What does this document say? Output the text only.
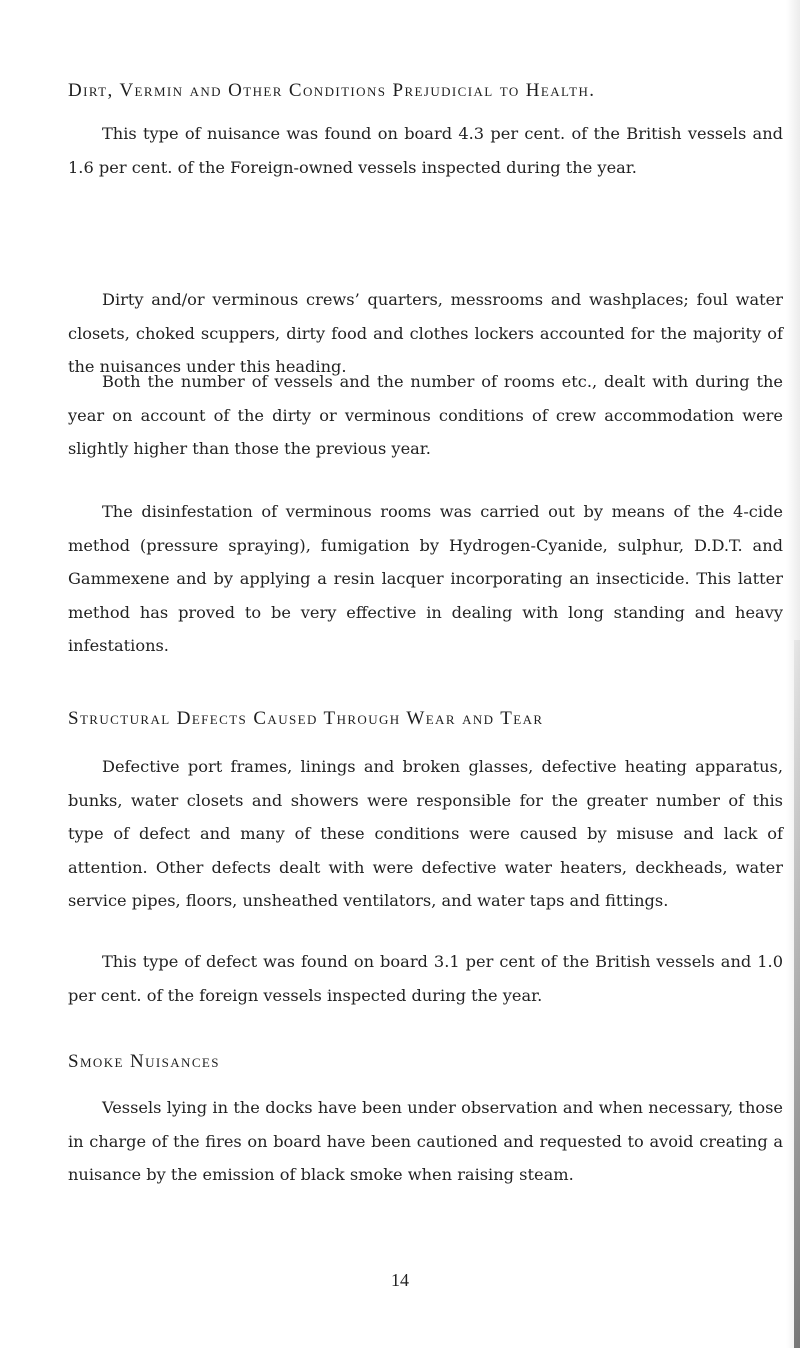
Dirt, Vermin and Other Conditions Prejudicial to Health.

This type of nuisance was found on board 4.3 per cent. of the British vessels and 1.6 per cent. of the Foreign-owned vessels inspected during the year.

Dirty and/or verminous crews’ quarters, messrooms and washplaces; foul water closets, choked scuppers, dirty food and clothes lockers accounted for the majority of the nuisances under this heading.

Both the number of vessels and the number of rooms etc., dealt with during the year on account of the dirty or verminous conditions of crew accommodation were slightly higher than those the previous year.

The disinfestation of verminous rooms was carried out by means of the 4-cide method (pressure spraying), fumigation by Hydrogen-Cyanide, sulphur, D.D.T. and Gammexene and by applying a resin lacquer incorporating an insecticide. This latter method has proved to be very effective in dealing with long standing and heavy infestations.

Structural Defects Caused Through Wear and Tear

Defective port frames, linings and broken glasses, defective heating apparatus, bunks, water closets and showers were responsible for the greater number of this type of defect and many of these conditions were caused by misuse and lack of attention. Other defects dealt with were defective water heaters, deckheads, water service pipes, floors, unsheathed ventilators, and water taps and fittings.

This type of defect was found on board 3.1 per cent of the British vessels and 1.0 per cent. of the foreign vessels inspected during the year.

Smoke Nuisances

Vessels lying in the docks have been under observation and when necessary, those in charge of the fires on board have been cautioned and requested to avoid creating a nuisance by the emission of black smoke when raising steam.

14
